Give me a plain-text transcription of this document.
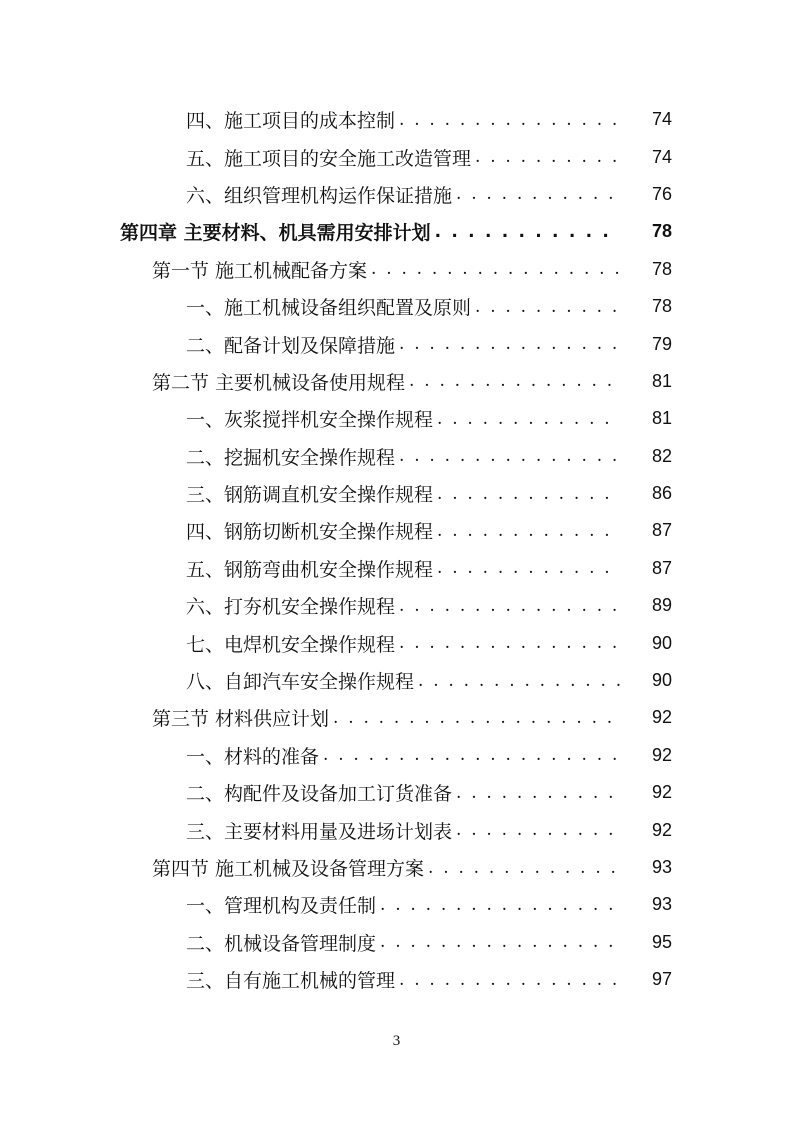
四、施工项目的成本控制 . . .	74
五、施工项目的安全施工改造管理 . . .	74
六、组织管理机构运作保证措施 . . .	76
第四章 主要材料、机具需用安排计划 . . .	78
第一节 施工机械配备方案 . . .	78
一、施工机械设备组织配置及原则 . . .	78
二、配备计划及保障措施 . . .	79
第二节 主要机械设备使用规程 . . .	81
一、灰浆搅拌机安全操作规程 . . .	81
二、挖掘机安全操作规程 . . .	82
三、钢筋调直机安全操作规程 . . .	86
四、钢筋切断机安全操作规程 . . .	87
五、钢筋弯曲机安全操作规程 . . .	87
六、打夯机安全操作规程 . . .	89
七、电焊机安全操作规程 . . .	90
八、自卸汽车安全操作规程 . . .	90
第三节 材料供应计划 . . .	92
一、材料的准备 . . .	92
二、构配件及设备加工订货准备 . . .	92
三、主要材料用量及进场计划表 . . .	92
第四节 施工机械及设备管理方案 . . .	93
一、管理机构及责任制 . . .	93
二、机械设备管理制度 . . .	95
三、自有施工机械的管理 . . .	97
3
